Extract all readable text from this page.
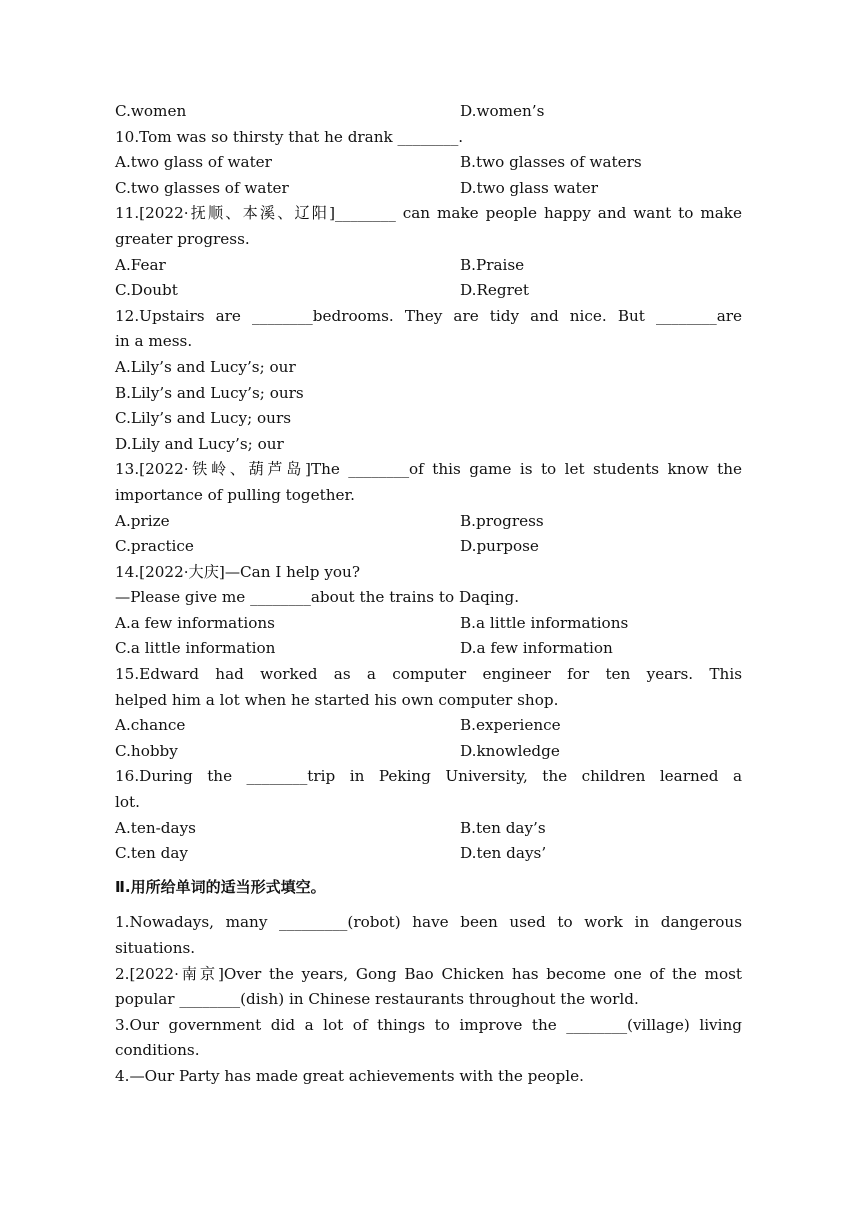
C.women	D.women’s
10.Tom was so thirsty that he drank ________.
A.two glass of water	B.two glasses of waters
C.two glasses of water	D.two glass water
11.[2022·抚顺、本溪、辽阳]________ can make people happy and want to make
greater progress.
A.Fear	B.Praise
C.Doubt	D.Regret
12.Upstairs are ________bedrooms. They are tidy and nice. But ________are
in a mess.
A.Lily’s and Lucy’s; our
B.Lily’s and Lucy’s; ours
C.Lily’s and Lucy; ours
D.Lily and Lucy’s; our
13.[2022·铁岭、葫芦岛]The ________of this game is to let students know the
importance of pulling together.
A.prize	B.progress
C.practice	D.purpose
14.[2022·大庆]—Can I help you?
—Please give me ________about the trains to Daqing.
A.a few informations	B.a little informations
C.a little information	D.a few information
15.Edward had worked as a computer engineer for ten years. This
helped him a lot when he started his own computer shop.
A.chance	B.experience
C.hobby	D.knowledge
16.During the ________trip in Peking University, the children learned a
lot.
A.ten-days	B.ten day’s
C.ten day	D.ten days’
Ⅱ.用所给单词的适当形式填空。
1.Nowadays, many _________(robot) have been used to work in dangerous
situations.
2.[2022·南京]Over the years, Gong Bao Chicken has become one of the most
popular ________(dish) in Chinese restaurants throughout the world.
3.Our government did a lot of things to improve the ________(village) living
conditions.
4.—Our Party has made great achievements with the people.
